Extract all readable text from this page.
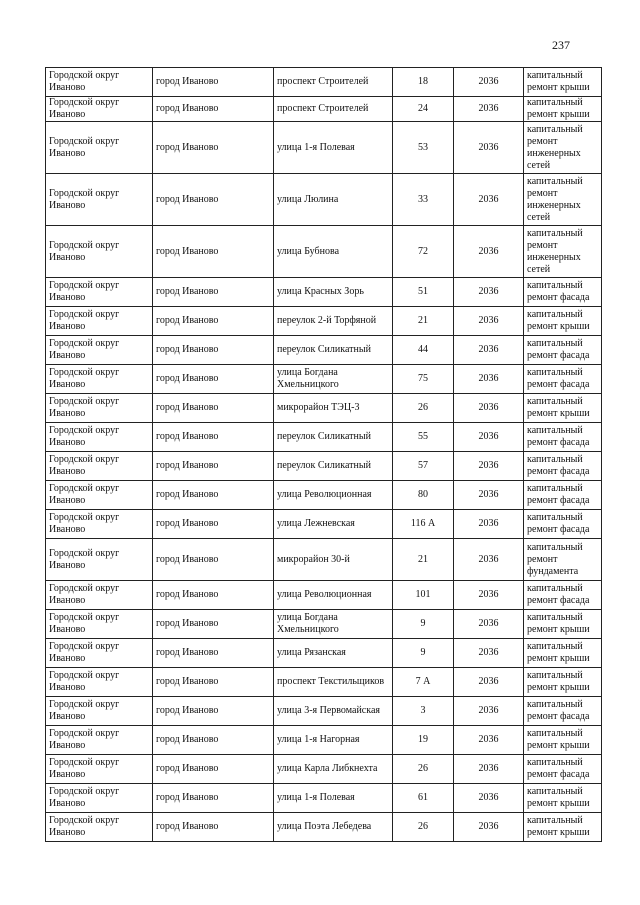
237
Городской округ Иваново	город Иваново	проспект Строителей	18	2036	капитальный ремонт крыши
Городской округ Иваново	город Иваново	проспект Строителей	24	2036	капитальный ремонт крыши
Городской округ Иваново	город Иваново	улица 1-я Полевая	53	2036	капитальный ремонт инженерных сетей
Городской округ Иваново	город Иваново	улица Люлина	33	2036	капитальный ремонт инженерных сетей
Городской округ Иваново	город Иваново	улица Бубнова	72	2036	капитальный ремонт инженерных сетей
Городской округ Иваново	город Иваново	улица Красных Зорь	51	2036	капитальный ремонт фасада
Городской округ Иваново	город Иваново	переулок 2-й Торфяной	21	2036	капитальный ремонт крыши
Городской округ Иваново	город Иваново	переулок Силикатный	44	2036	капитальный ремонт фасада
Городской округ Иваново	город Иваново	улица Богдана Хмельницкого	75	2036	капитальный ремонт фасада
Городской округ Иваново	город Иваново	микрорайон ТЭЦ-3	26	2036	капитальный ремонт крыши
Городской округ Иваново	город Иваново	переулок Силикатный	55	2036	капитальный ремонт фасада
Городской округ Иваново	город Иваново	переулок Силикатный	57	2036	капитальный ремонт фасада
Городской округ Иваново	город Иваново	улица Революционная	80	2036	капитальный ремонт фасада
Городской округ Иваново	город Иваново	улица Лежневская	116 А	2036	капитальный ремонт фасада
Городской округ Иваново	город Иваново	микрорайон 30-й	21	2036	капитальный ремонт фундамента
Городской округ Иваново	город Иваново	улица Революционная	101	2036	капитальный ремонт фасада
Городской округ Иваново	город Иваново	улица Богдана Хмельницкого	9	2036	капитальный ремонт крыши
Городской округ Иваново	город Иваново	улица Рязанская	9	2036	капитальный ремонт крыши
Городской округ Иваново	город Иваново	проспект Текстильщиков	7 А	2036	капитальный ремонт крыши
Городской округ Иваново	город Иваново	улица 3-я Первомайская	3	2036	капитальный ремонт фасада
Городской округ Иваново	город Иваново	улица 1-я Нагорная	19	2036	капитальный ремонт крыши
Городской округ Иваново	город Иваново	улица Карла Либкнехта	26	2036	капитальный ремонт фасада
Городской округ Иваново	город Иваново	улица 1-я Полевая	61	2036	капитальный ремонт крыши
Городской округ Иваново	город Иваново	улица Поэта Лебедева	26	2036	капитальный ремонт крыши
